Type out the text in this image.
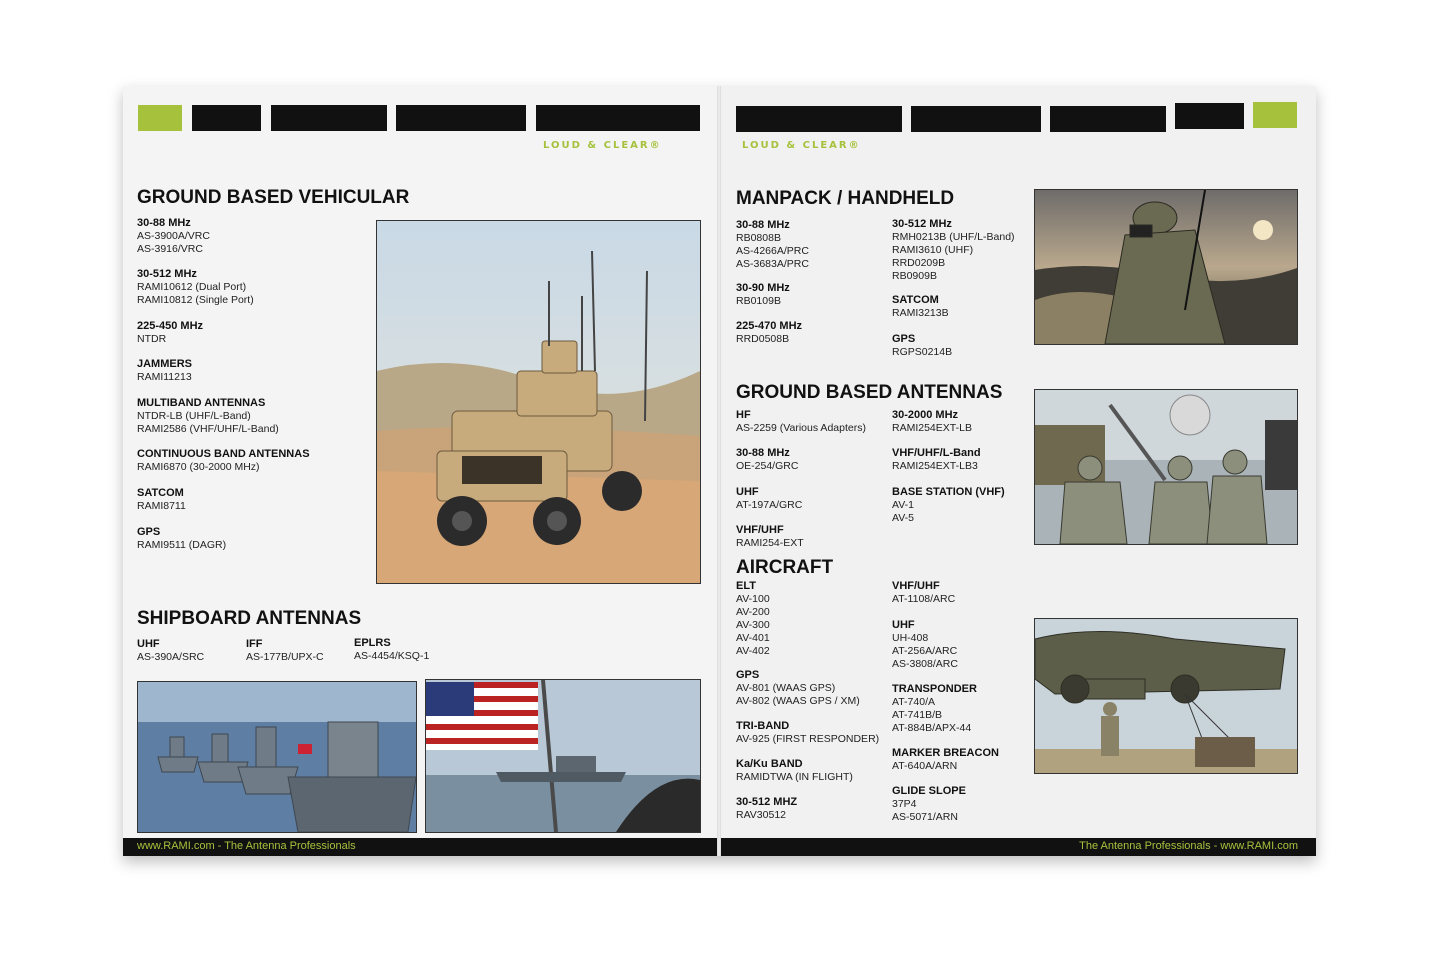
LOUD & CLEAR®
GROUND BASED VEHICULAR
30-88 MHz
AS-3900A/VRC
AS-3916/VRC
30-512 MHz
RAMI10612 (Dual Port)
RAMI10812 (Single Port)
225-450 MHz
NTDR
JAMMERS
RAMI11213
MULTIBAND ANTENNAS
NTDR-LB (UHF/L-Band)
RAMI2586 (VHF/UHF/L-Band)
CONTINUOUS BAND ANTENNAS
RAMI6870 (30-2000 MHz)
SATCOM
RAMI8711
GPS
RAMI9511 (DAGR)
SHIPBOARD ANTENNAS
UHF
AS-390A/SRC
IFF
AS-177B/UPX-C
EPLRS
AS-4454/KSQ-1
www.RAMI.com - The Antenna Professionals
LOUD & CLEAR®
MANPACK / HANDHELD
30-88 MHz
RB0808B
AS-4266A/PRC
AS-3683A/PRC
30-90 MHz
RB0109B
225-470 MHz
RRD0508B
30-512 MHz
RMH0213B (UHF/L-Band)
RAMI3610 (UHF)
RRD0209B
RB0909B
SATCOM
RAMI3213B
GPS
RGPS0214B
GROUND BASED ANTENNAS
HF
AS-2259 (Various Adapters)
30-88 MHz
OE-254/GRC
UHF
AT-197A/GRC
VHF/UHF
RAMI254-EXT
30-2000 MHz
RAMI254EXT-LB
VHF/UHF/L-Band
RAMI254EXT-LB3
BASE STATION (VHF)
AV-1
AV-5
AIRCRAFT
ELT
AV-100
AV-200
AV-300
AV-401
AV-402
GPS
AV-801 (WAAS GPS)
AV-802 (WAAS GPS / XM)
TRI-BAND
AV-925 (FIRST RESPONDER)
Ka/Ku BAND
RAMIDTWA (IN FLIGHT)
30-512 MHZ
RAV30512
VHF/UHF
AT-1108/ARC
UHF
UH-408
AT-256A/ARC
AS-3808/ARC
TRANSPONDER
AT-740/A
AT-741B/B
AT-884B/APX-44
MARKER BREACON
AT-640A/ARN
GLIDE SLOPE
37P4
AS-5071/ARN
The Antenna Professionals - www.RAMI.com
